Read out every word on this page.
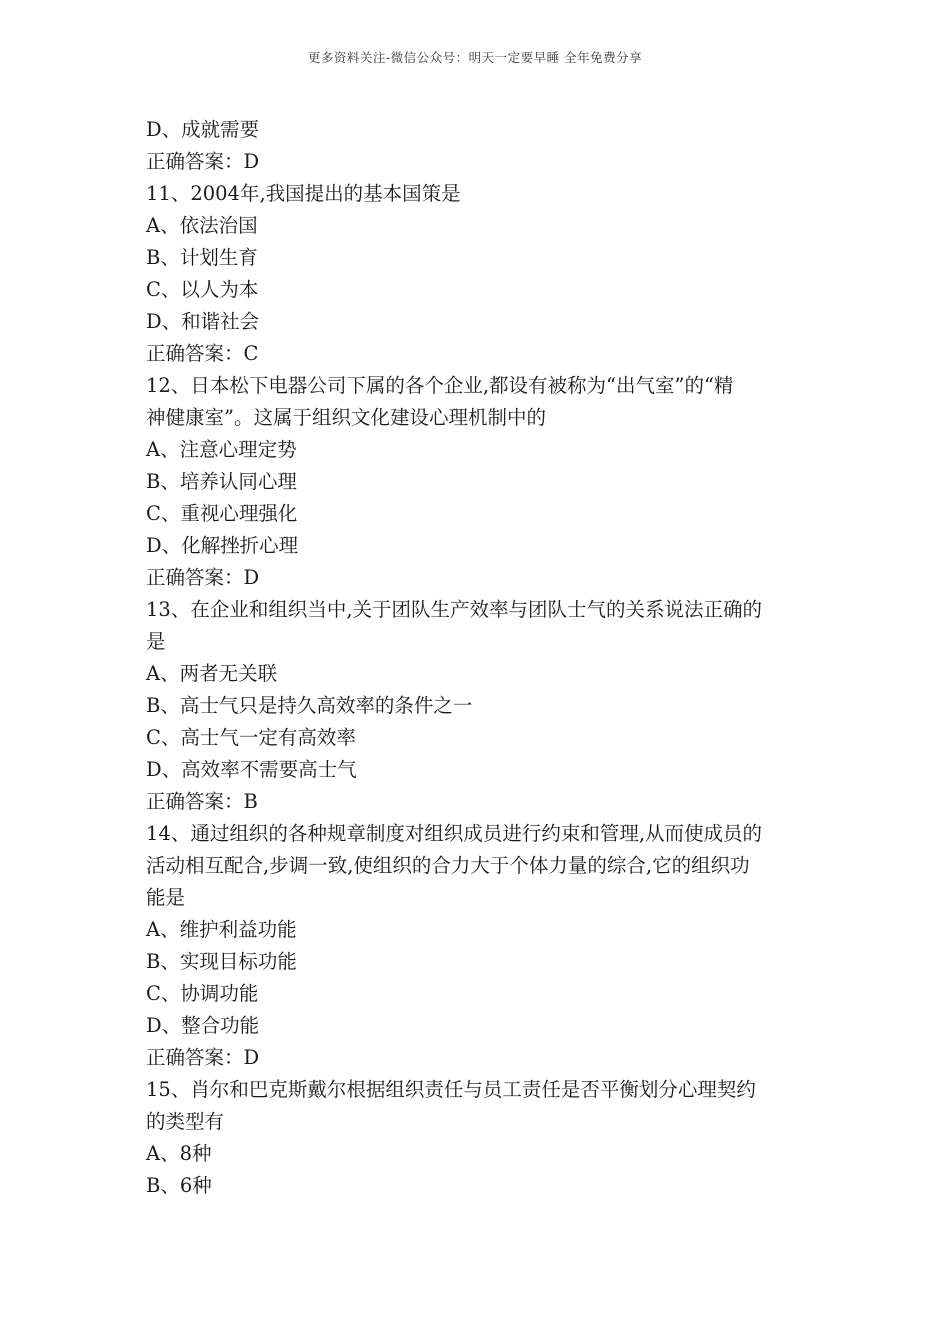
更多资料关注-微信公众号：明天一定要早睡 全年免费分享
D、成就需要
正确答案：D
11、2004年,我国提出的基本国策是
A、依法治国
B、计划生育
C、以人为本
D、和谐社会
正确答案：C
12、日本松下电器公司下属的各个企业,都设有被称为“出气室”的“精
神健康室”。这属于组织文化建设心理机制中的
A、注意心理定势
B、培养认同心理
C、重视心理强化
D、化解挫折心理
正确答案：D
13、在企业和组织当中,关于团队生产效率与团队士气的关系说法正确的
是
A、两者无关联
B、高士气只是持久高效率的条件之一
C、高士气一定有高效率
D、高效率不需要高士气
正确答案：B
14、通过组织的各种规章制度对组织成员进行约束和管理,从而使成员的
活动相互配合,步调一致,使组织的合力大于个体力量的综合,它的组织功
能是
A、维护利益功能
B、实现目标功能
C、协调功能
D、整合功能
正确答案：D
15、肖尔和巴克斯戴尔根据组织责任与员工责任是否平衡划分心理契约
的类型有
A、8种
B、6种
